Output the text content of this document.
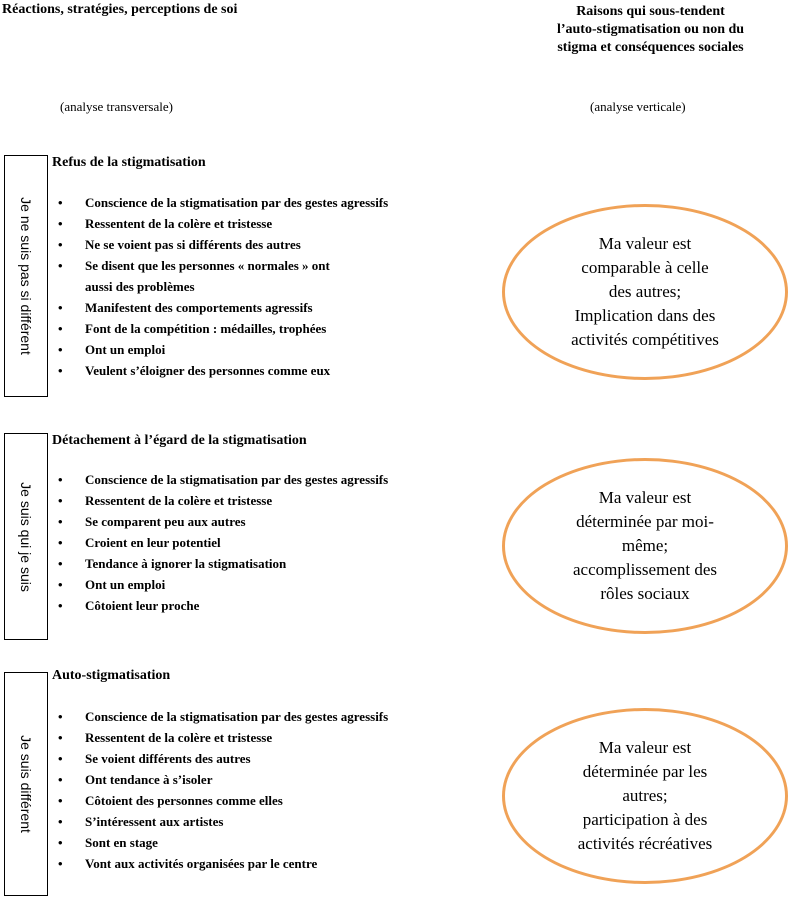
Réactions, stratégies, perceptions de soi	Raisons qui sous-tendent
l’auto-stigmatisation ou non du
stigma et conséquences sociales
(analyse transversale)	(analyse verticale)
Je ne suis pas si différent
Refus de la stigmatisation
• Conscience de la stigmatisation par des gestes agressifs
• Ressentent de la colère et tristesse
• Ne se voient pas si différents des autres
• Se disent que les personnes « normales » ont
aussi des problèmes
• Manifestent des comportements agressifs
• Font de la compétition : médailles, trophées
• Ont un emploi
• Veulent s’éloigner des personnes comme eux
Ma valeur est
comparable à celle
des autres;
Implication dans des
activités compétitives
Je suis qui je suis
Détachement à l’égard de la stigmatisation
• Conscience de la stigmatisation par des gestes agressifs
• Ressentent de la colère et tristesse
• Se comparent peu aux autres
• Croient en leur potentiel
• Tendance à ignorer la stigmatisation
• Ont un emploi
• Côtoient leur proche
Ma valeur est
déterminée par moi-
même;
accomplissement des
rôles sociaux
Je suis différent
Auto-stigmatisation
• Conscience de la stigmatisation par des gestes agressifs
• Ressentent de la colère et tristesse
• Se voient différents des autres
• Ont tendance à s’isoler
• Côtoient des personnes comme elles
• S’intéressent aux artistes
• Sont en stage
• Vont aux activités organisées par le centre
Ma valeur est
déterminée par les
autres;
participation à des
activités récréatives
